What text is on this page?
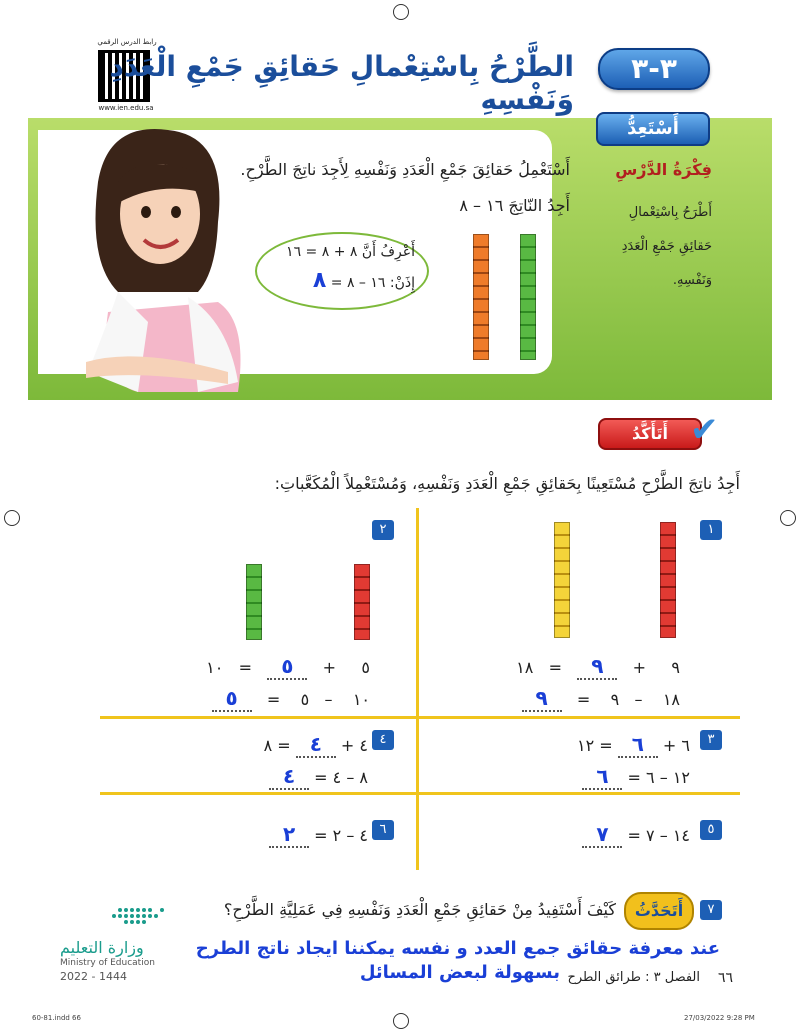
رابط الدرس الرقمي
www.ien.edu.sa
الطَّرْحُ بِاسْتِعْمالِ حَقائِقِ جَمْعِ الْعَدَدِ وَنَفْسِهِ
٣-٣
أَسْتَعِدُّ
فِكْرَةُ الدَّرْسِ
أَطْرَحُ بِاسْتِعْمالِ
حَقائِقِ جَمْعِ الْعَدَدِ
وَنَفْسِهِ.
أَسْتَعْمِلُ حَقائِقَ جَمْعِ الْعَدَدِ وَنَفْسِهِ لِأَجِدَ ناتِجَ الطَّرْحِ.
أَجِدُ النّاتِجَ ١٦ – ٨
أَعْرِفُ أَنَّ ٨ + ٨ = ١٦
إِذَنْ: ١٦ – ٨ = ٨
أَتَأَكَّدُ ✔
أَجِدُ ناتِجَ الطَّرْحِ مُسْتَعِينًا بِحَقائِقِ جَمْعِ الْعَدَدِ وَنَفْسِهِ، وَمُسْتَعْمِلاً الْمُكَعَّباتِ:
١
٩     +   ٩   =   ١٨
١٨    –   ٩    =   ٩
٢
٥     +   ٥   =   ١٠
١٠    –   ٥    =   ٥
٣
٦ + ٦ = ١٢
١٢ – ٦ = ٦
٤
٤ + ٤ = ٨
٨ – ٤ = ٤
٥
١٤ – ٧ = ٧
٦
٤ – ٢ = ٢
٧
أَتَحَدَّثُ
كَيْفَ أَسْتَفِيدُ مِنْ حَقائِقِ جَمْعِ الْعَدَدِ وَنَفْسِهِ فِي عَمَلِيَّةِ الطَّرْحِ؟
عند معرفة حقائق جمع العدد و نفسه يمكننا ايجاد ناتج الطرح
بسهولة لبعض المسائل
وزارة التعليم
Ministry of Education
2022 - 1444	الفصل ٣ : طرائق الطرح ٦٦
60-81.indd 66	27/03/2022 9:28 PM
